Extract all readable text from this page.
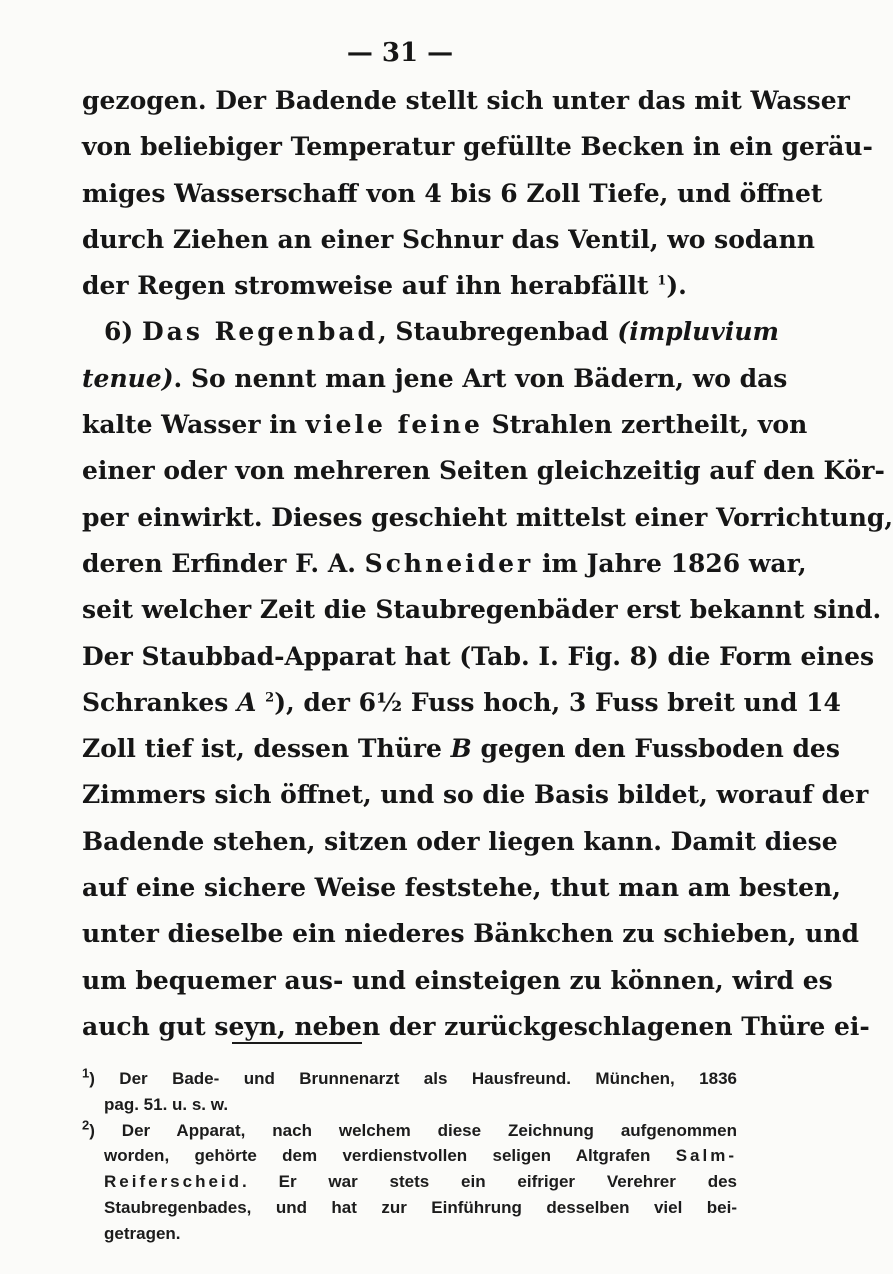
— 31 —
gezogen. Der Badende stellt sich unter das mit Wasser
von beliebiger Temperatur gefüllte Becken in ein geräu-
miges Wasserschaff von 4 bis 6 Zoll Tiefe, und öffnet
durch Ziehen an einer Schnur das Ventil, wo sodann
der Regen stromweise auf ihn herabfällt $^1$).
6) Das Regenbad, Staubregenbad (impluvium
tenue). So nennt man jene Art von Bädern, wo das
kalte Wasser in viele feine Strahlen zertheilt, von
einer oder von mehreren Seiten gleichzeitig auf den Kör-
per einwirkt. Dieses geschieht mittelst einer Vorrichtung,
deren Erfinder F. A. Schneider im Jahre 1826 war,
seit welcher Zeit die Staubregenbäder erst bekannt sind.
Der Staubbad-Apparat hat (Tab. I. Fig. 8) die Form eines
Schrankes A $^2$), der 6½ Fuss hoch, 3 Fuss breit und 14
Zoll tief ist, dessen Thüre B gegen den Fussboden des
Zimmers sich öffnet, und so die Basis bildet, worauf der
Badende stehen, sitzen oder liegen kann. Damit diese
auf eine sichere Weise feststehe, thut man am besten,
unter dieselbe ein niederes Bänkchen zu schieben, und
um bequemer aus- und einsteigen zu können, wird es
auch gut seyn, neben der zurückgeschlagenen Thüre ei-
$^1$) Der Bade- und Brunnenarzt als Hausfreund. München, 1836
pag. 51. u. s. w.
$^2$) Der Apparat, nach welchem diese Zeichnung aufgenommen
worden, gehörte dem verdienstvollen seligen Altgrafen Salm-
Reiferscheid. Er war stets ein eifriger Verehrer des
Staubregenbades, und hat zur Einführung desselben viel bei-
getragen.
